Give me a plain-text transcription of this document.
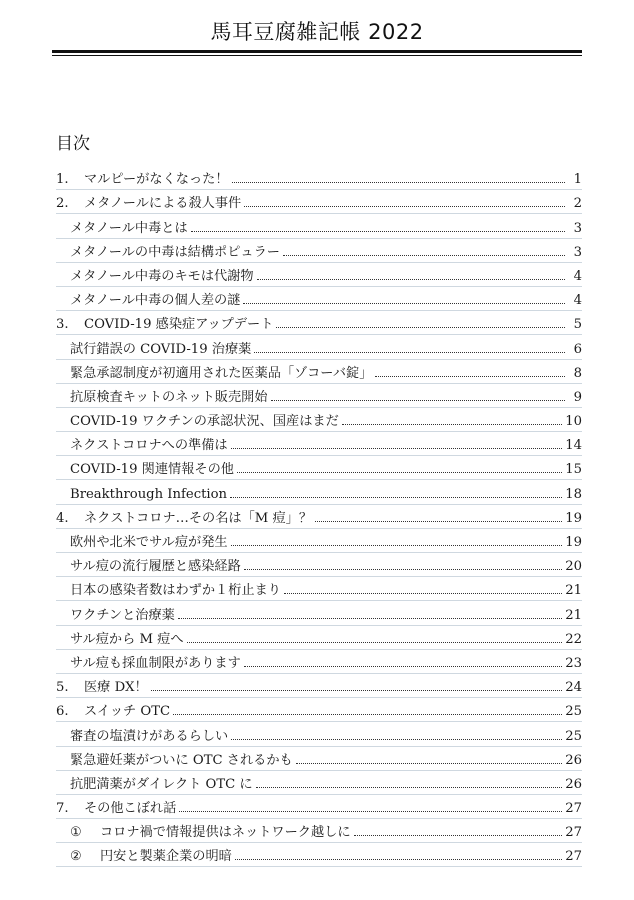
馬耳豆腐雑記帳 2022
目次
1.	マルピーがなくなった！	1
2.	メタノールによる殺人事件	2
メタノール中毒とは	3
メタノールの中毒は結構ポピュラー	3
メタノール中毒のキモは代謝物	4
メタノール中毒の個人差の謎	4
3.	COVID-19 感染症アップデート	5
試行錯誤の COVID-19 治療薬	6
緊急承認制度が初適用された医薬品「ゾコーバ錠」	8
抗原検査キットのネット販売開始	9
COVID-19 ワクチンの承認状況、国産はまだ	10
ネクストコロナへの準備は	14
COVID-19 関連情報その他	15
Breakthrough Infection	18
4.	ネクストコロナ…その名は「M 痘」？	19
欧州や北米でサル痘が発生	19
サル痘の流行履歴と感染経路	20
日本の感染者数はわずか１桁止まり	21
ワクチンと治療薬	21
サル痘から M 痘へ	22
サル痘も採血制限があります	23
5.	医療 DX！	24
6.	スイッチ OTC	25
審査の塩漬けがあるらしい	25
緊急避妊薬がついに OTC されるかも	26
抗肥満薬がダイレクト OTC に	26
7.	その他こぼれ話	27
①	コロナ禍で情報提供はネットワーク越しに	27
②	円安と製薬企業の明暗	27
